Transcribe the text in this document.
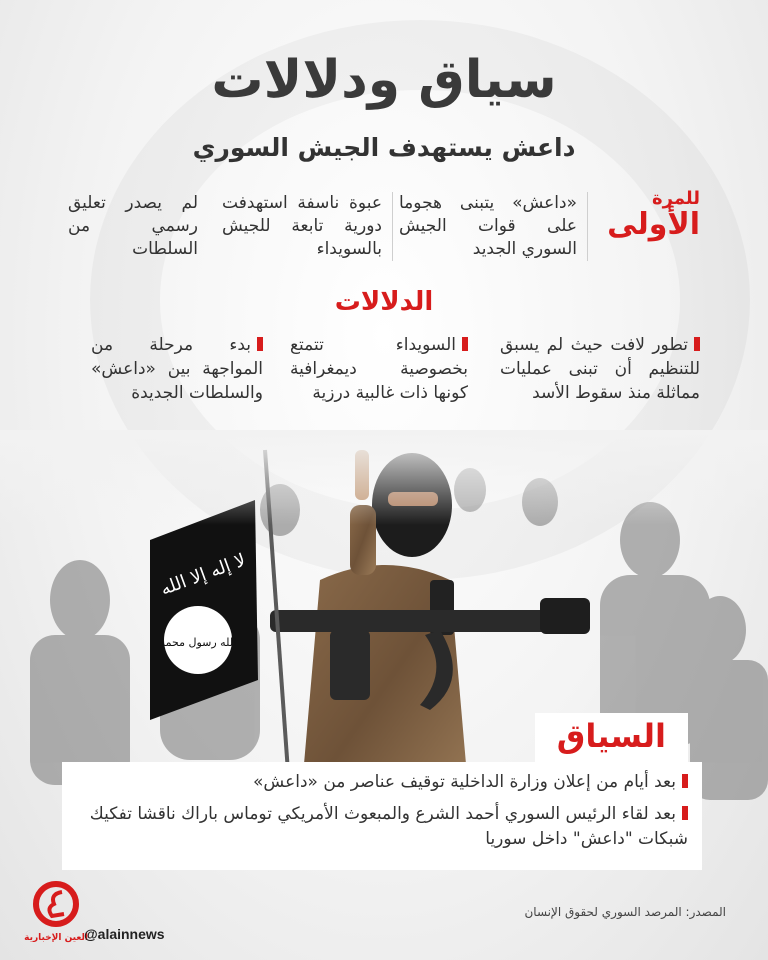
سياق ودلالات
داعش يستهدف الجيش السوري
للمرة
الأولى
«داعش» يتبنى هجوما على قوات الجيش السوري الجديد
عبوة ناسفة استهدفت دورية تابعة للجيش بالسويداء
لم يصدر تعليق رسمي من السلطات
الدلالات
تطور لافت حيث لم يسبق للتنظيم أن تبنى عمليات مماثلة منذ سقوط الأسد
السويداء تتمتع بخصوصية ديمغرافية كونها ذات غالبية درزية
بدء مرحلة من المواجهة بين «داعش» والسلطات الجديدة
السياق
بعد أيام من إعلان وزارة الداخلية توقيف عناصر من «داعش»
بعد لقاء الرئيس السوري أحمد الشرع والمبعوث الأمريكي توماس باراك ناقشا تفكيك شبكات "داعش" داخل سوريا
المصدر: المرصد السوري لحقوق الإنسان
العين الإخبارية
@alainnews
